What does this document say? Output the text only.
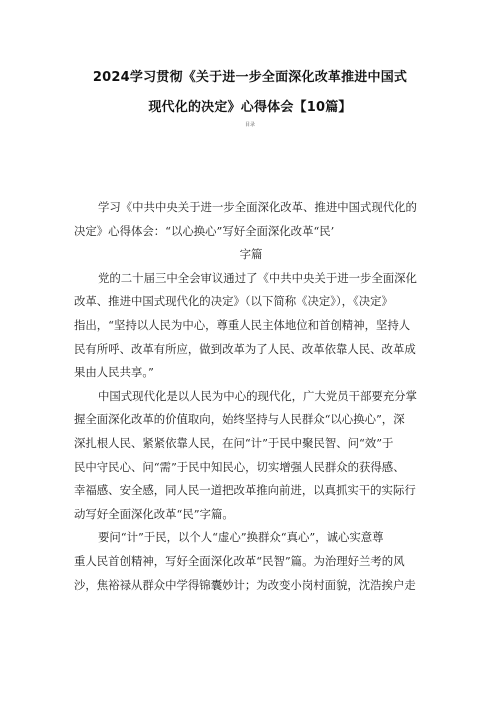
2024学习贯彻《关于进一步全面深化改革推进中国式
现代化的决定》心得体会【10篇】
目录
学习《中共中央关于进一步全面深化改革、推进中国式现代化的
决定》心得体会：“以心换心”写好全面深化改革“民’
字篇
党的二十届三中全会审议通过了《中共中央关于进一步全面深化
改革、推进中国式现代化的决定》（以下简称《决定》），《决定》
指出，“坚持以人民为中心，尊重人民主体地位和首创精神，坚持人
民有所呼、改革有所应，做到改革为了人民、改革依靠人民、改革成
果由人民共享。”
中国式现代化是以人民为中心的现代化，广大党员干部要充分掌
握全面深化改革的价值取向，始终坚持与人民群众“以心换心”，深
深扎根人民、紧紧依靠人民，在问“计”于民中聚民智、问“效”于
民中守民心、问“需”于民中知民心，切实增强人民群众的获得感、
幸福感、安全感，同人民一道把改革推向前进，以真抓实干的实际行
动写好全面深化改革“民”字篇。
要问“计”于民，以个人“虚心”换群众“真心”，诚心实意尊
重人民首创精神，写好全面深化改革“民智”篇。为治理好兰考的风
沙，焦裕禄从群众中学得锦囊妙计；为改变小岗村面貌，沈浩挨户走
